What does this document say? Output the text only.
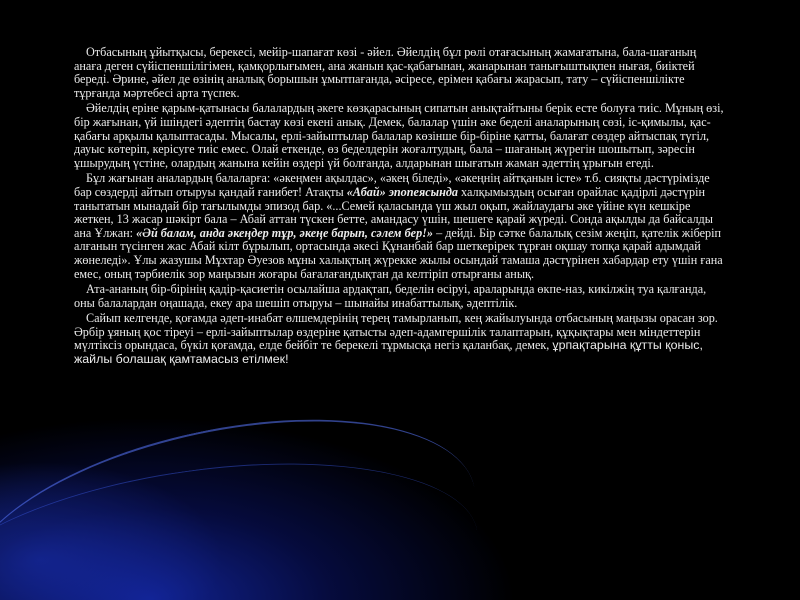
Отбасының ұйытқысы, берекесі, мейір-шапағат көзі - әйел. Әйелдің бұл рөлі отағасының жамағатына, бала-шағаның анаға деген сүйіспеншілігімен, қамқорлығымен, ана жанын қас-қабағынан, жанарынан танығыштықпен нығая, биіктей береді. Әрине, әйел де өзінің аналық борышын ұмытпағанда, әсіресе, ерімен қабағы жарасып, тату – сүйіспеншілікте тұрғанда мәртебесі арта түспек.

Әйелдің еріне қарым-қатынасы балалардың әкеге көзқарасының сипатын анықтайтыны берік есте болуға тиіс. Мұның өзі, бір жағынан, үй ішіндегі әдептің бастау көзі екені анық. Демек, балалар үшін әке беделі аналарының сөзі, іс-қимылы, қас-қабағы арқылы қалыптасады. Мысалы, ерлі-зайыптылар балалар көзінше бір-біріне қатты, балағат сөздер айтыспақ түгіл, дауыс көтеріп, керісуге тиіс емес. Олай еткенде, өз беделдерін жоғалтудың, бала – шағаның жүрегін шошытып, зәресін ұшырудың үстіне, олардың жанына кейін өздері үй болғанда, алдарынан шығатын жаман әдеттің ұрығын егеді.

Бұл жағынан аналардың балаларға: «әкеңмен ақылдас», «әкең біледі», «әкеңнің айтқанын істе» т.б. сияқты дәстүрімізде бар сөздерді айтып отыруы қандай ғанибет! Атақты «Абай» эпопеясында халқымыздың осыған орайлас қадірлі дәстүрін танытатын мынадай бір тағылымды эпизод бар. «...Семей қаласында үш жыл оқып, жайлаудағы әке үйіне күн кешкіре жеткен, 13 жасар шәкірт бала – Абай аттан түскен бетте, амандасу үшін, шешеге қарай жүреді. Сонда ақылды да байсалды ана Ұлжан: «Әй балам, анда әкеңдер тұр, әкеңе барып, сәлем бер!» – дейді. Бір сәтке балалық сезім жеңіп, қателік жіберіп алғанын түсінген жас Абай кілт бұрылып, ортасында әкесі Құнанбай бар шеткерірек тұрған оқшау топқа қарай адымдай жөнеледі». Ұлы жазушы Мұхтар Әуезов мұны халықтың жүрекке жылы осындай тамаша дәстүрінен хабардар ету үшін ғана емес, оның тәрбиелік зор маңызын жоғары бағалағандықтан да келтіріп отырғаны анық.

Ата-ананың бір-бірінің қадір-қасиетін осылайша ардақтап, беделін өсіруі, араларында өкпе-наз, кикілжің туа қалғанда, оны балалардан оңашада, екеу ара шешіп отыруы – шынайы инабаттылық, әдептілік.

Сайып келгенде, қоғамда әдеп-инабат өлшемдерінің терең тамырланып, кең жайылуында отбасының маңызы орасан зор. Әрбір ұяның қос тіреуі – ерлі-зайыптылар өздеріне қатысты әдеп-адамгершілік талаптарын, құқықтары мен міндеттерін мүлтіксіз орындаса, бүкіл қоғамда, елде бейбіт те берекелі тұрмысқа негіз қаланбақ, демек, ұрпақтарына құтты қоныс, жайлы болашақ қамтамасыз етілмек!
